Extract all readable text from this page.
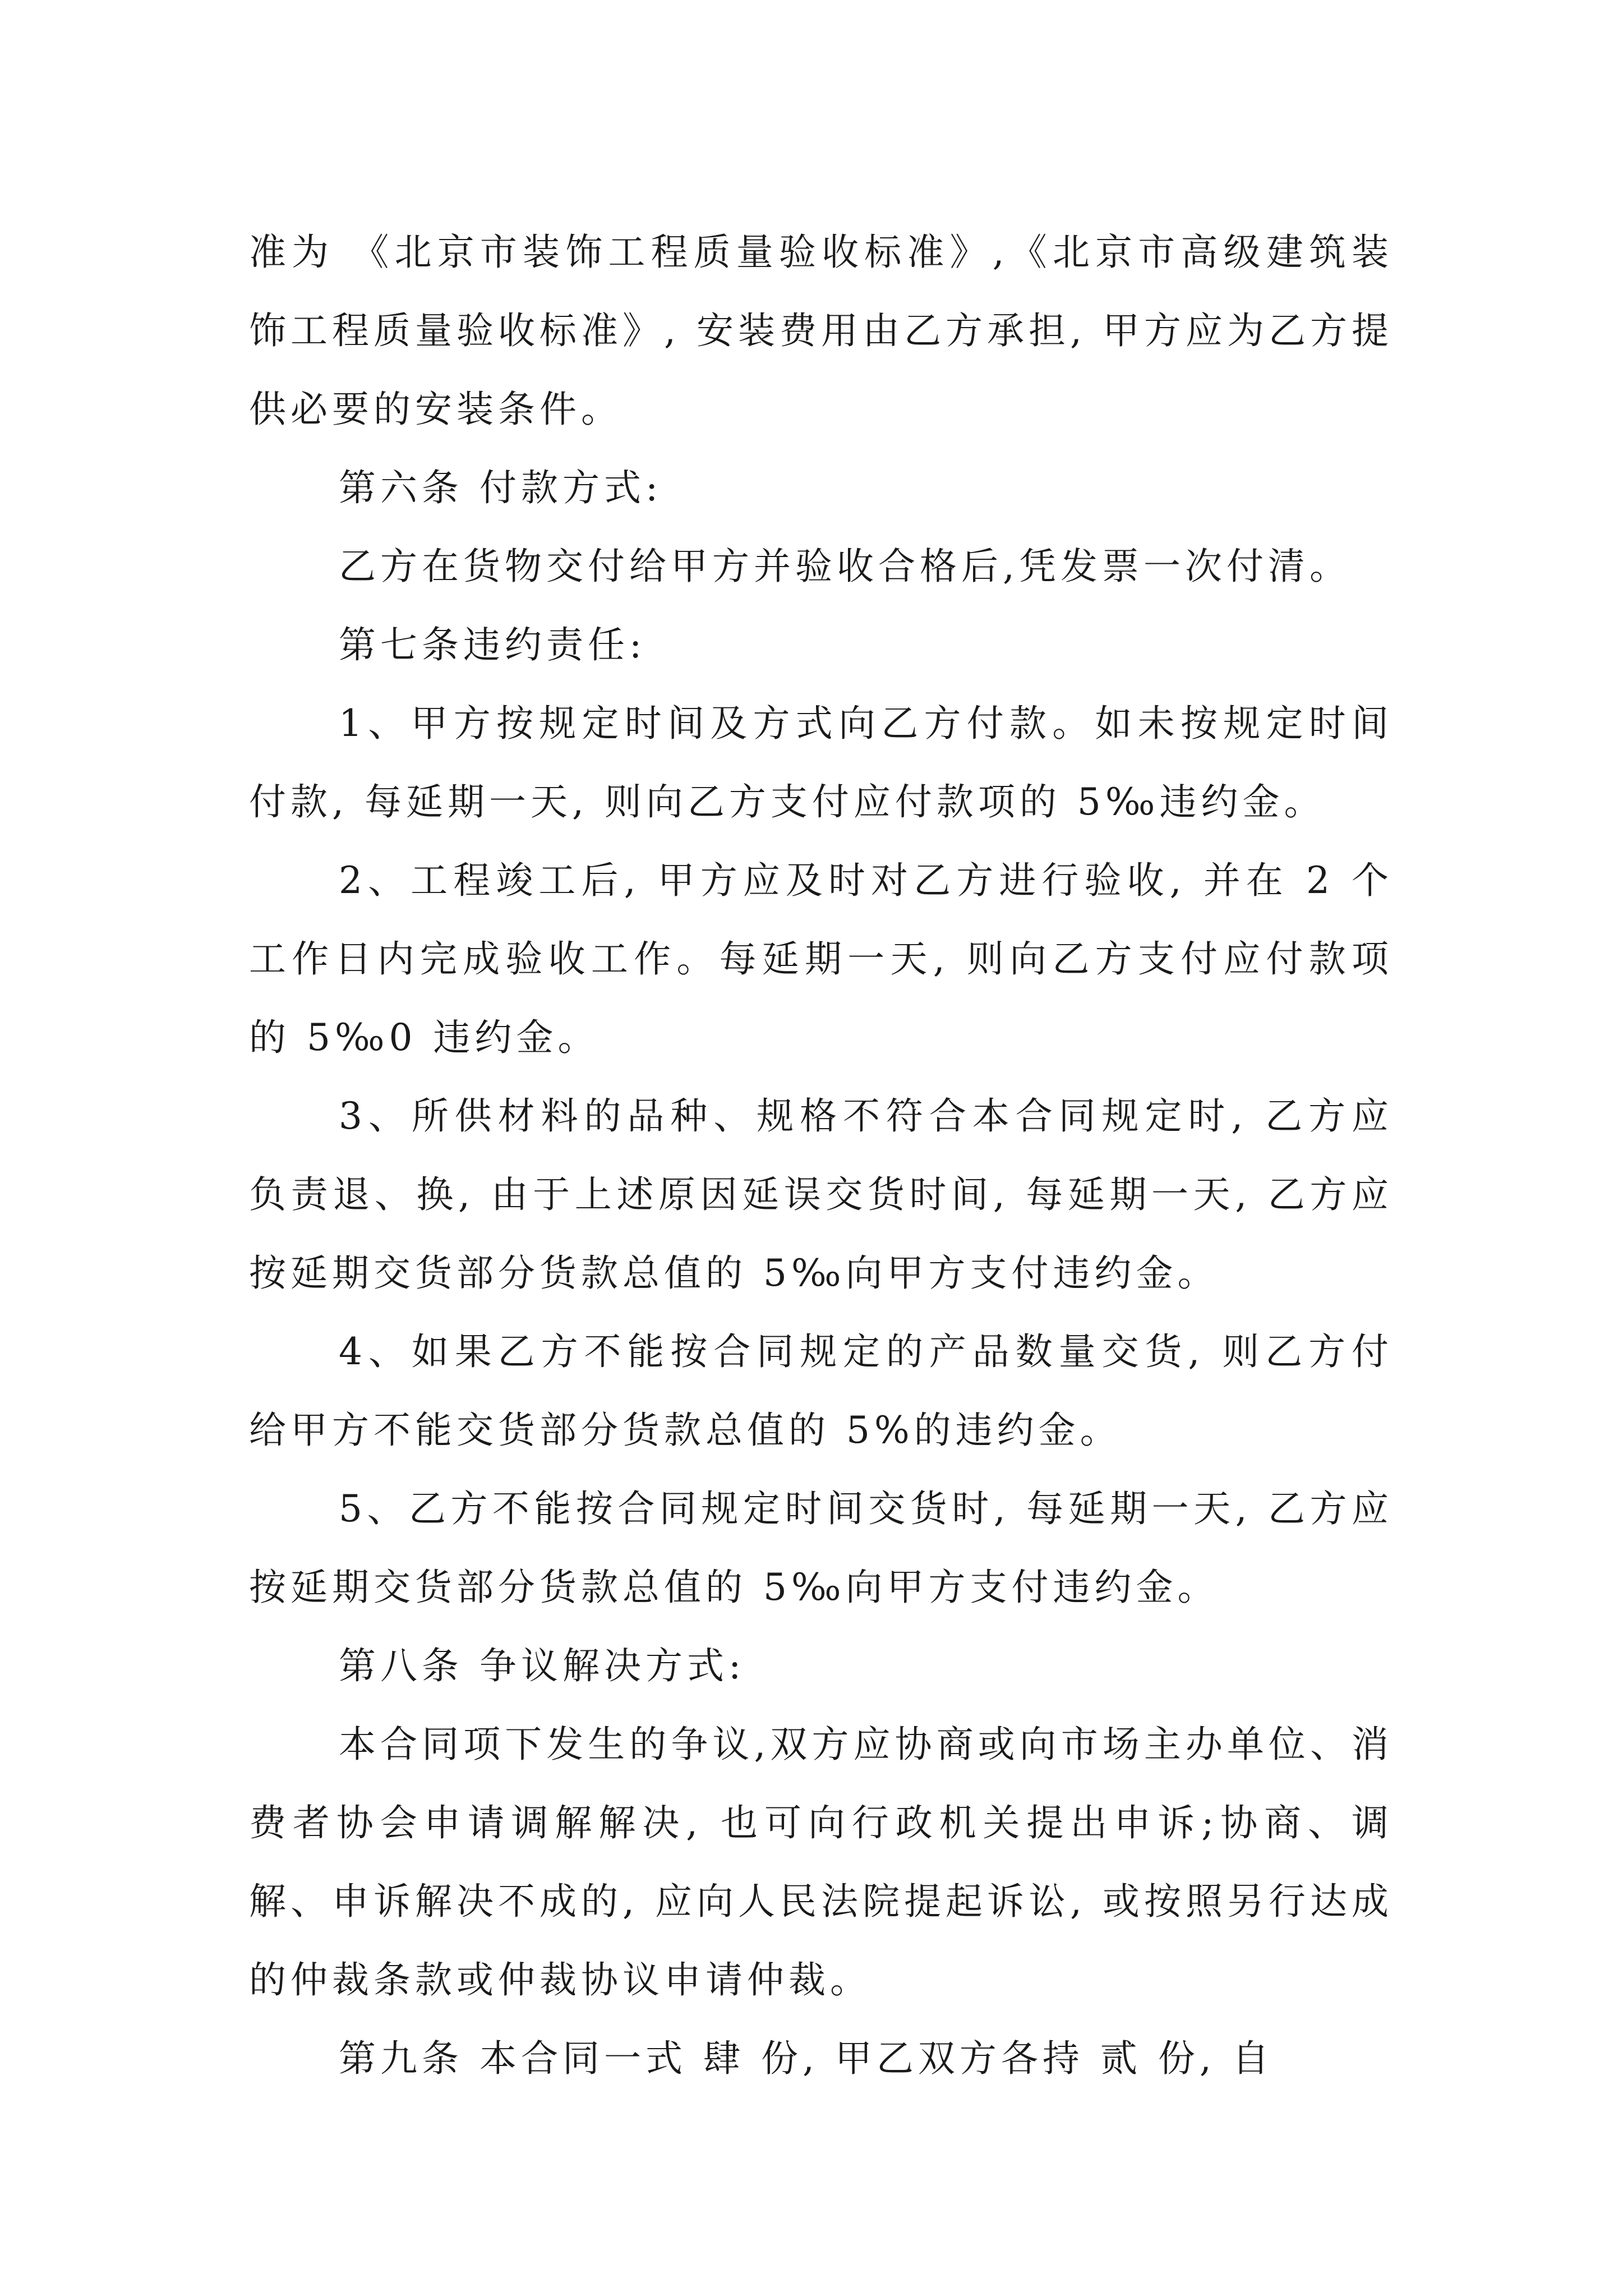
准为 《北京市装饰工程质量验收标准》,《北京市高级建筑装饰工程质量验收标准》, 安装费用由乙方承担, 甲方应为乙方提供必要的安装条件。

第六条 付款方式:

乙方在货物交付给甲方并验收合格后,凭发票一次付清。

第七条违约责任:

1、甲方按规定时间及方式向乙方付款。如未按规定时间付款, 每延期一天, 则向乙方支付应付款项的 5‰违约金。

2、工程竣工后, 甲方应及时对乙方进行验收, 并在 2 个工作日内完成验收工作。每延期一天, 则向乙方支付应付款项的 5‰0 违约金。

3、所供材料的品种、规格不符合本合同规定时, 乙方应负责退、换, 由于上述原因延误交货时间, 每延期一天, 乙方应按延期交货部分货款总值的 5‰向甲方支付违约金。

4、如果乙方不能按合同规定的产品数量交货, 则乙方付给甲方不能交货部分货款总值的 5%的违约金。

5、乙方不能按合同规定时间交货时, 每延期一天, 乙方应按延期交货部分货款总值的 5‰向甲方支付违约金。

第八条 争议解决方式:

本合同项下发生的争议,双方应协商或向市场主办单位、消费者协会申请调解解决, 也可向行政机关提出申诉;协商、调解、申诉解决不成的, 应向人民法院提起诉讼, 或按照另行达成的仲裁条款或仲裁协议申请仲裁。

第九条 本合同一式 肆 份, 甲乙双方各持 贰 份, 自
